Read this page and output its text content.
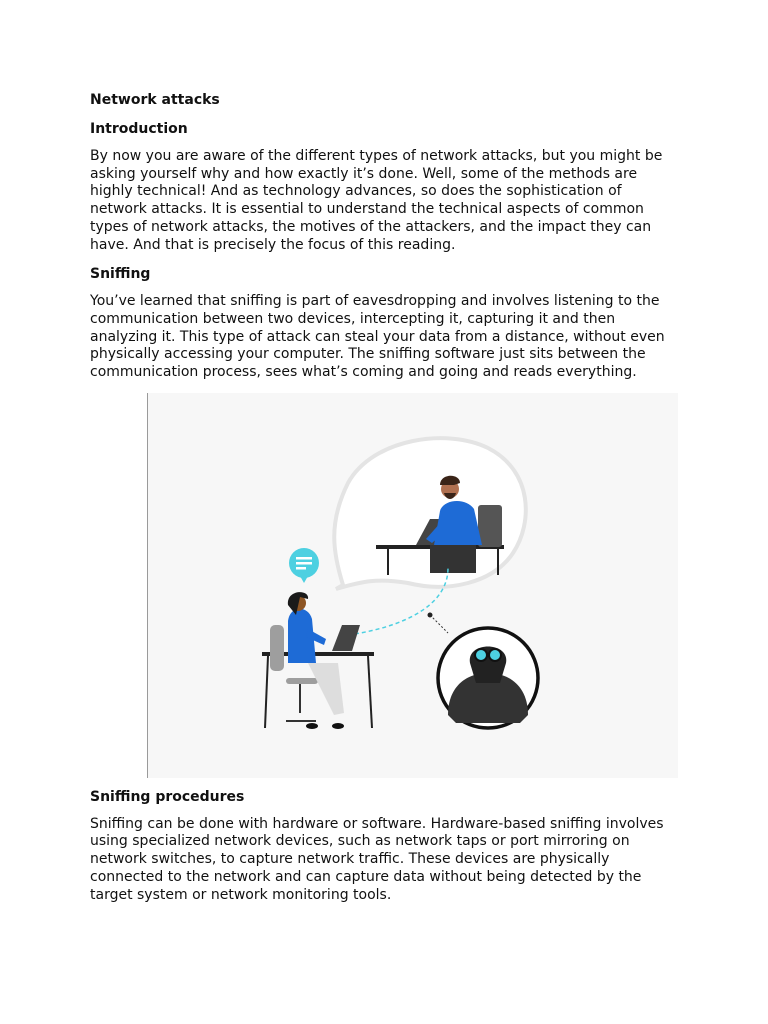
Network attacks
Introduction

By now you are aware of the different types of network attacks, but you might be asking yourself why and how exactly it’s done. Well, some of the methods are highly technical! And as technology advances, so does the sophistication of network attacks. It is essential to understand the technical aspects of common types of network attacks, the motives of the attackers, and the impact they can have. And that is precisely the focus of this reading.

Sniffing

You’ve learned that sniffing is part of eavesdropping and involves listening to the communication between two devices, intercepting it, capturing it and then analyzing it. This type of attack can steal your data from a distance, without even physically accessing your computer. The sniffing software just sits between the communication process, sees what’s coming and going and reads everything.

Sniffing procedures

Sniffing can be done with hardware or software. Hardware-based sniffing involves using specialized network devices, such as network taps or port mirroring on network switches, to capture network traffic. These devices are physically connected to the network and can capture data without being detected by the target system or network monitoring tools.
